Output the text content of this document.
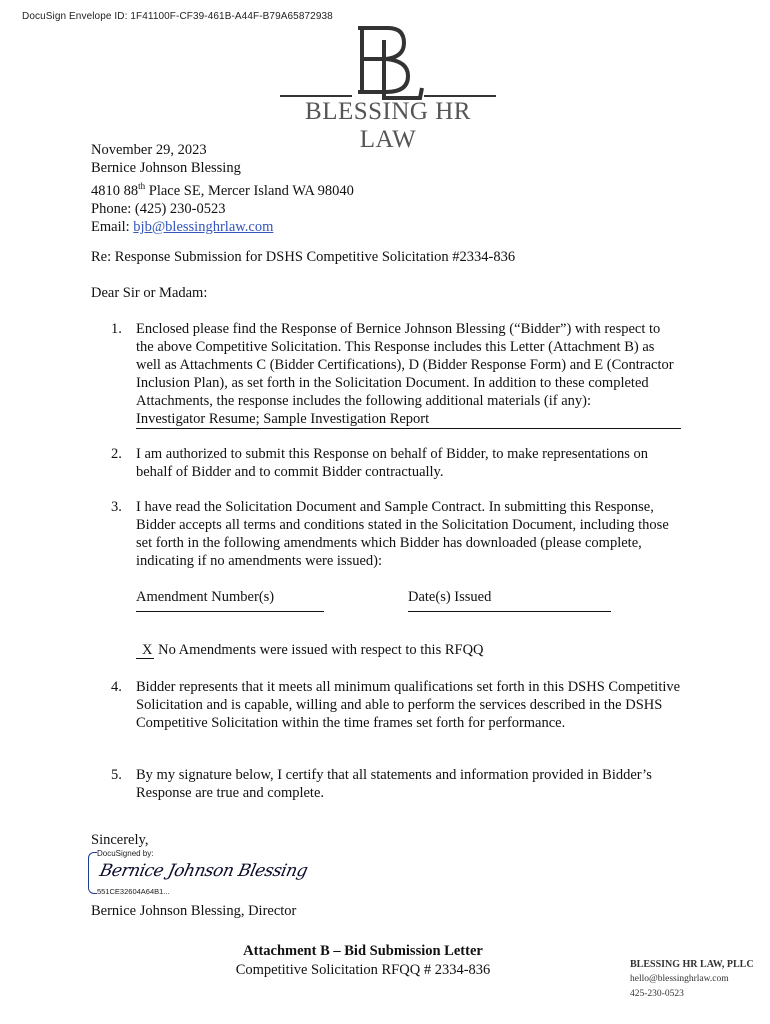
DocuSign Envelope ID: 1F41100F-CF39-461B-A44F-B79A65872938
BLESSING HR LAW
November 29, 2023
Bernice Johnson Blessing
4810 88th Place SE, Mercer Island WA 98040
Phone: (425) 230-0523
Email: bjb@blessinghrlaw.com
Re: Response Submission for DSHS Competitive Solicitation #2334-836
Dear Sir or Madam:
1. Enclosed please find the Response of Bernice Johnson Blessing (“Bidder”) with respect to the above Competitive Solicitation. This Response includes this Letter (Attachment B) as well as Attachments C (Bidder Certifications), D (Bidder Response Form) and E (Contractor Inclusion Plan), as set forth in the Solicitation Document. In addition to these completed Attachments, the response includes the following additional materials (if any):
Investigator Resume; Sample Investigation Report
2. I am authorized to submit this Response on behalf of Bidder, to make representations on behalf of Bidder and to commit Bidder contractually.
3. I have read the Solicitation Document and Sample Contract. In submitting this Response, Bidder accepts all terms and conditions stated in the Solicitation Document, including those set forth in the following amendments which Bidder has downloaded (please complete, indicating if no amendments were issued):
Amendment Number(s)	Date(s) Issued
X No Amendments were issued with respect to this RFQQ
4. Bidder represents that it meets all minimum qualifications set forth in this DSHS Competitive Solicitation and is capable, willing and able to perform the services described in the DSHS Competitive Solicitation within the time frames set forth for performance.
5. By my signature below, I certify that all statements and information provided in Bidder’s Response are true and complete.
Sincerely,
DocuSigned by:
Bernice Johnson Blessing
551CE32604A64B1...
Bernice Johnson Blessing, Director
Attachment B – Bid Submission Letter
Competitive Solicitation RFQQ # 2334-836	BLESSING HR LAW, PLLC
hello@blessinghrlaw.com
425-230-0523
